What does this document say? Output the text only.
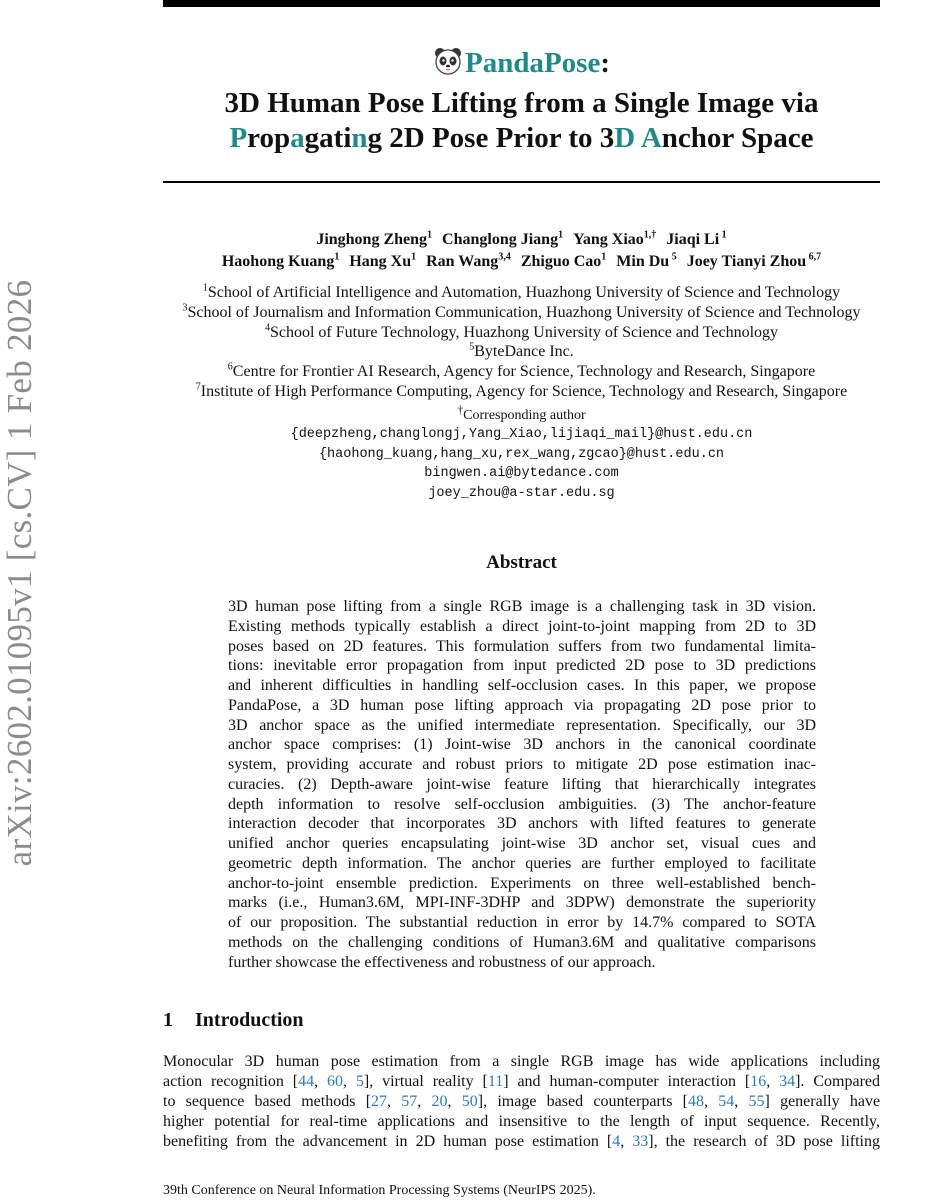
arXiv:2602.01095v1 [cs.CV] 1 Feb 2026
PandaPose:
3D Human Pose Lifting from a Single Image via
Propagating 2D Pose Prior to 3D Anchor Space
Jinghong Zheng$^1$ Changlong Jiang$^1$ Yang Xiao$^{1,\dagger}$ Jiaqi Li $^1$
Haohong Kuang$^1$ Hang Xu$^1$ Ran Wang$^{3,4}$ Zhiguo Cao$^1$ Min Du $^5$ Joey Tianyi Zhou $^{6,7}$
$^1$School of Artificial Intelligence and Automation, Huazhong University of Science and Technology
$^3$School of Journalism and Information Communication, Huazhong University of Science and Technology
$^4$School of Future Technology, Huazhong University of Science and Technology
$^5$ByteDance Inc.
$^6$Centre for Frontier AI Research, Agency for Science, Technology and Research, Singapore
$^7$Institute of High Performance Computing, Agency for Science, Technology and Research, Singapore
†Corresponding author
{deepzheng,changlongj,Yang_Xiao,lijiaqi_mail}@hust.edu.cn
{haohong_kuang,hang_xu,rex_wang,zgcao}@hust.edu.cn
bingwen.ai@bytedance.com
joey_zhou@a-star.edu.sg
Abstract
3D human pose lifting from a single RGB image is a challenging task in 3D vision.
Existing methods typically establish a direct joint-to-joint mapping from 2D to 3D
poses based on 2D features. This formulation suffers from two fundamental limita-
tions: inevitable error propagation from input predicted 2D pose to 3D predictions
and inherent difficulties in handling self-occlusion cases. In this paper, we propose
PandaPose, a 3D human pose lifting approach via propagating 2D pose prior to
3D anchor space as the unified intermediate representation. Specifically, our 3D
anchor space comprises: (1) Joint-wise 3D anchors in the canonical coordinate
system, providing accurate and robust priors to mitigate 2D pose estimation inac-
curacies. (2) Depth-aware joint-wise feature lifting that hierarchically integrates
depth information to resolve self-occlusion ambiguities. (3) The anchor-feature
interaction decoder that incorporates 3D anchors with lifted features to generate
unified anchor queries encapsulating joint-wise 3D anchor set, visual cues and
geometric depth information. The anchor queries are further employed to facilitate
anchor-to-joint ensemble prediction. Experiments on three well-established bench-
marks (i.e., Human3.6M, MPI-INF-3DHP and 3DPW) demonstrate the superiority
of our proposition. The substantial reduction in error by 14.7% compared to SOTA
methods on the challenging conditions of Human3.6M and qualitative comparisons
further showcase the effectiveness and robustness of our approach.
1 Introduction
Monocular 3D human pose estimation from a single RGB image has wide applications including
action recognition [44, 60, 5], virtual reality [11] and human-computer interaction [16, 34]. Compared
to sequence based methods [27, 57, 20, 50], image based counterparts [48, 54, 55] generally have
higher potential for real-time applications and insensitive to the length of input sequence. Recently,
benefiting from the advancement in 2D human pose estimation [4, 33], the research of 3D pose lifting
39th Conference on Neural Information Processing Systems (NeurIPS 2025).
